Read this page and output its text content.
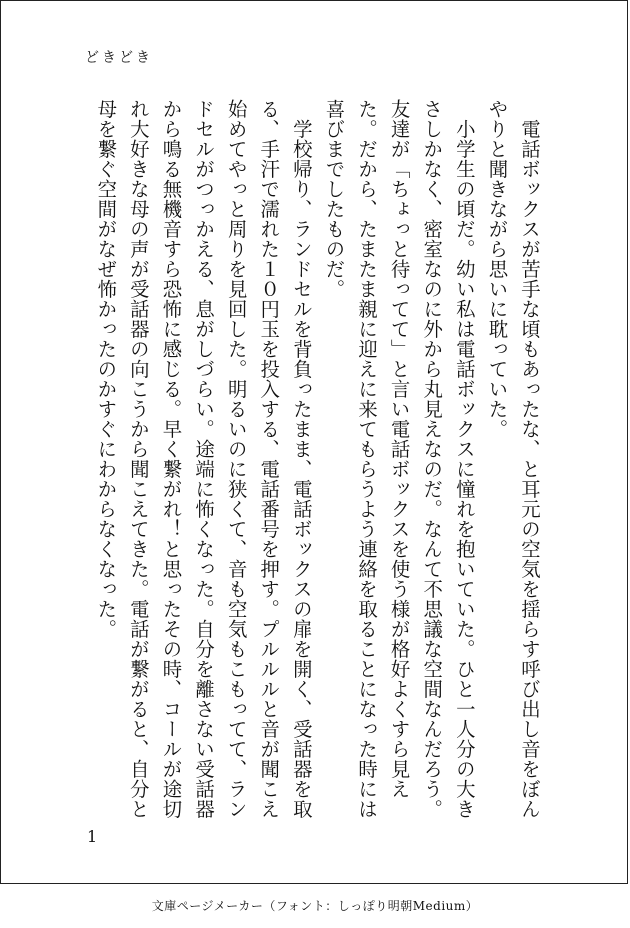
どきどき

　電話ボックスが苦手な頃もあったな、と耳元の空気を揺らす呼び出し音をぼんやりと聞きながら思いに耽っていた。

　小学生の頃だ。幼い私は電話ボックスに憧れを抱いていた。ひと一人分の大きさしかなく、密室なのに外から丸見えなのだ。なんて不思議な空間なんだろう。友達が「ちょっと待ってて」と言い電話ボックスを使う様が格好よくすら見えた。だから、たまたま親に迎えに来てもらうよう連絡を取ることになった時には喜びまでしたものだ。

　学校帰り、ランドセルを背負ったまま、電話ボックスの扉を開く、受話器を取る、手汗で濡れた１０円玉を投入する、電話番号を押す。プルルルと音が聞こえ始めてやっと周りを見回した。明るいのに狭くて、音も空気もこもってて、ランドセルがつっかえる、息がしづらい。途端に怖くなった。自分を離さない受話器から鳴る無機音すら恐怖に感じる。早く繋がれ！と思ったその時、コールが途切れ大好きな母の声が受話器の向こうから聞こえてきた。電話が繋がると、自分と母を繋ぐ空間がなぜ怖かったのかすぐにわからなくなった。

1
文庫ページメーカー（フォント：しっぽり明朝Medium）
